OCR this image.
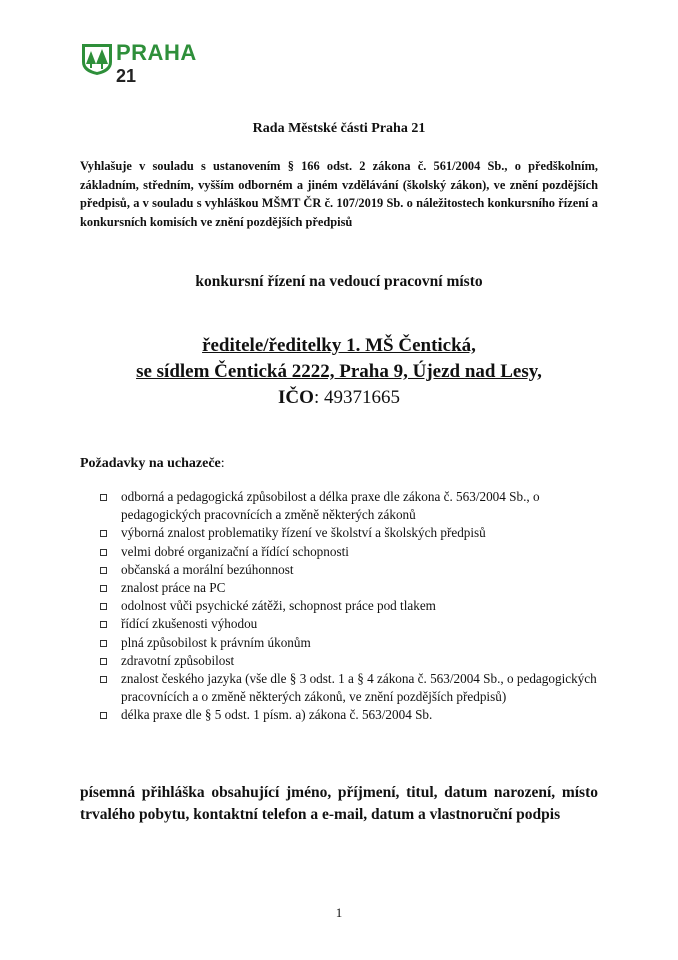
PRAHA
21
Rada Městské části Praha 21
Vyhlašuje v souladu s ustanovením § 166 odst. 2 zákona č. 561/2004 Sb., o předškolním, základním, středním, vyšším odborném a jiném vzdělávání (školský zákon), ve znění pozdějších předpisů, a v souladu s vyhláškou MŠMT ČR č. 107/2019 Sb. o náležitostech konkursního řízení a konkursních komisích ve znění pozdějších předpisů
konkursní řízení na vedoucí pracovní místo
ředitele/ředitelky 1. MŠ Čentická,
se sídlem Čentická 2222, Praha 9, Újezd nad Lesy,
IČO: 49371665
Požadavky na uchazeče:
odborná a pedagogická způsobilost a délka praxe dle zákona č. 563/2004 Sb., o pedagogických pracovnících a změně některých zákonů
výborná znalost problematiky řízení ve školství a školských předpisů
velmi dobré organizační a řídící schopnosti
občanská a morální bezúhonnost
znalost práce na PC
odolnost vůči psychické zátěži, schopnost práce pod tlakem
řídící zkušenosti výhodou
plná způsobilost k právním úkonům
zdravotní způsobilost
znalost českého jazyka (vše dle § 3 odst. 1 a § 4 zákona č. 563/2004 Sb., o pedagogických pracovnících a o změně některých zákonů, ve znění pozdějších předpisů)
délka praxe dle § 5 odst. 1 písm. a) zákona č. 563/2004 Sb.
písemná přihláška obsahující jméno, příjmení, titul, datum narození, místo trvalého pobytu, kontaktní telefon a e-mail, datum a vlastnoruční podpis
1
